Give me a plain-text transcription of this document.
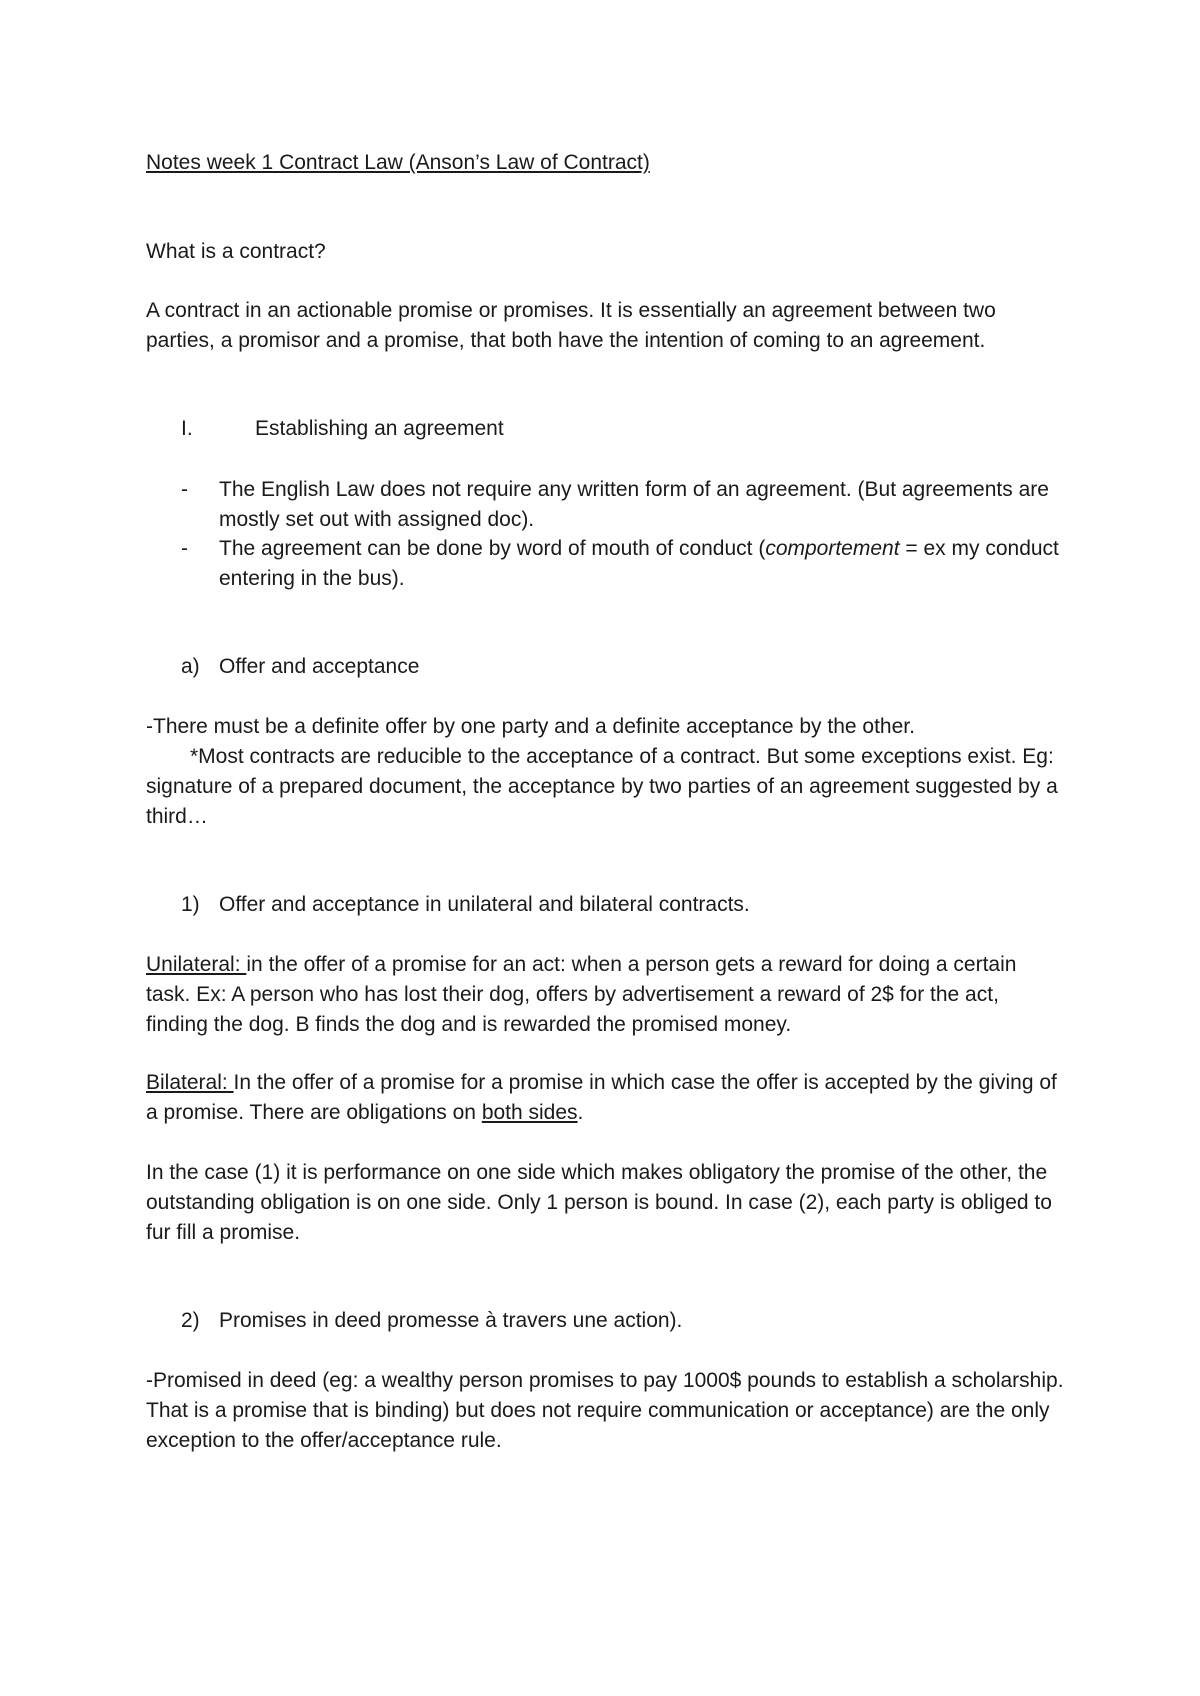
Notes week 1 Contract Law (Anson’s Law of Contract)

What is a contract?

A contract in an actionable promise or promises. It is essentially an agreement between two parties, a promisor and a promise, that both have the intention of coming to an agreement.

I.	Establishing an agreement
- The English Law does not require any written form of an agreement. (But agreements are mostly set out with assigned doc).

- The agreement can be done by word of mouth of conduct (comportement = ex my conduct entering in the bus).

a) Offer and acceptance

-There must be a definite offer by one party and a definite acceptance by the other.

*Most contracts are reducible to the acceptance of a contract. But some exceptions exist. Eg: signature of a prepared document, the acceptance by two parties of an agreement suggested by a third…

1) Offer and acceptance in unilateral and bilateral contracts.

Unilateral: in the offer of a promise for an act: when a person gets a reward for doing a certain task. Ex: A person who has lost their dog, offers by advertisement a reward of 2$ for the act, finding the dog. B finds the dog and is rewarded the promised money.

Bilateral: In the offer of a promise for a promise in which case the offer is accepted by the giving of a promise. There are obligations on both sides.

In the case (1) it is performance on one side which makes obligatory the promise of the other, the outstanding obligation is on one side. Only 1 person is bound. In case (2), each party is obliged to fur fill a promise.

2) Promises in deed promesse à travers une action).

-Promised in deed (eg: a wealthy person promises to pay 1000$ pounds to establish a scholarship. That is a promise that is binding) but does not require communication or acceptance) are the only exception to the offer/acceptance rule.
